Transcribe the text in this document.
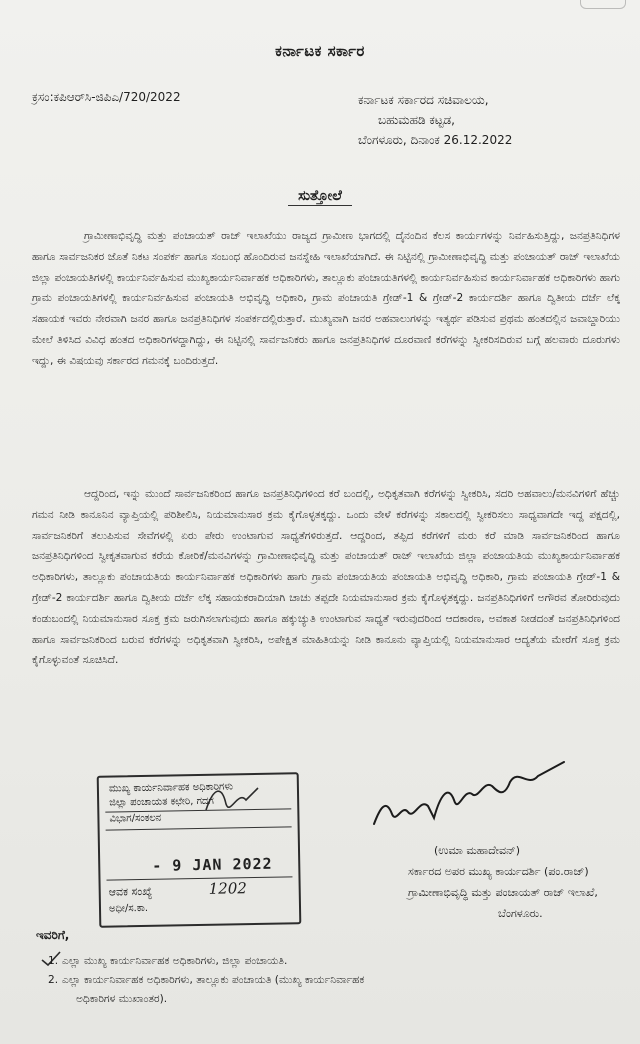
ಕರ್ನಾಟಕ ಸರ್ಕಾರ
ಕ್ರಸಂ:ಕಪಿಆರ್‌ಸಿ-ಜಿಪಿಎ/720/2022	ಕರ್ನಾಟಕ ಸರ್ಕಾರದ ಸಚಿವಾಲಯ,
ಬಹುಮಹಡಿ ಕಟ್ಟಡ,
ಬೆಂಗಳೂರು, ದಿನಾಂಕ 26.12.2022
ಸುತ್ತೋಲೆ

ಗ್ರಾಮೀಣಾಭಿವೃದ್ಧಿ ಮತ್ತು ಪಂಚಾಯತ್ ರಾಜ್ ಇಲಾಖೆಯು ರಾಜ್ಯದ ಗ್ರಾಮೀಣ ಭಾಗದಲ್ಲಿ ದೈನಂದಿನ ಕೆಲಸ ಕಾರ್ಯಗಳನ್ನು ನಿರ್ವಹಿಸುತ್ತಿದ್ದು, ಜನಪ್ರತಿನಿಧಿಗಳ ಹಾಗೂ ಸಾರ್ವಜನಿಕರ ಜೊತೆ ನಿಕಟ ಸಂಪರ್ಕ ಹಾಗೂ ಸಂಬಂಧ ಹೊಂದಿರುವ ಜನಸ್ನೇಹಿ ಇಲಾಖೆಯಾಗಿದೆ. ಈ ನಿಟ್ಟಿನಲ್ಲಿ ಗ್ರಾಮೀಣಾಭಿವೃದ್ಧಿ ಮತ್ತು ಪಂಚಾಯತ್ ರಾಜ್ ಇಲಾಖೆಯ ಜಿಲ್ಲಾ ಪಂಚಾಯತಿಗಳಲ್ಲಿ ಕಾರ್ಯನಿರ್ವಹಿಸುವ ಮುಖ್ಯಕಾರ್ಯನಿರ್ವಾಹಕ ಅಧಿಕಾರಿಗಳು, ತಾಲ್ಲೂಕು ಪಂಚಾಯತಿಗಳಲ್ಲಿ ಕಾರ್ಯನಿರ್ವಹಿಸುವ ಕಾರ್ಯನಿರ್ವಾಹಕ ಅಧಿಕಾರಿಗಳು ಹಾಗು ಗ್ರಾಮ ಪಂಚಾಯತಿಗಳಲ್ಲಿ ಕಾರ್ಯನಿರ್ವಹಿಸುವ ಪಂಚಾಯತಿ ಅಭಿವೃದ್ಧಿ ಅಧಿಕಾರಿ, ಗ್ರಾಮ ಪಂಚಾಯತಿ ಗ್ರೇಡ್-1 & ಗ್ರೇಡ್-2 ಕಾರ್ಯದರ್ಶಿ ಹಾಗೂ ದ್ವಿತೀಯ ದರ್ಜೆ ಲೆಕ್ಕ ಸಹಾಯಕ ಇವರು ನೇರವಾಗಿ ಜನರ ಹಾಗೂ ಜನಪ್ರತಿನಿಧಿಗಳ ಸಂಪರ್ಕದಲ್ಲಿರುತ್ತಾರೆ. ಮುಖ್ಯವಾಗಿ ಜನರ ಅಹವಾಲುಗಳನ್ನು ಇತ್ಯರ್ಥ ಪಡಿಸುವ ಪ್ರಥಮ ಹಂತದಲ್ಲಿನ ಜವಾಬ್ದಾರಿಯು ಮೇಲೆ ತಿಳಿಸಿದ ವಿವಿಧ ಹಂತದ ಅಧಿಕಾರಿಗಳದ್ದಾಗಿದ್ದು, ಈ ನಿಟ್ಟಿನಲ್ಲಿ ಸಾರ್ವಜನಿಕರು ಹಾಗೂ ಜನಪ್ರತಿನಿಧಿಗಳ ದೂರವಾಣಿ ಕರೆಗಳನ್ನು ಸ್ವೀಕರಿಸದಿರುವ ಬಗ್ಗೆ ಹಲವಾರು ದೂರುಗಳು ಇದ್ದು, ಈ ವಿಷಯವು ಸರ್ಕಾರದ ಗಮನಕ್ಕೆ ಬಂದಿರುತ್ತದೆ.

ಆದ್ದರಿಂದ, ಇನ್ನು ಮುಂದೆ ಸಾರ್ವಜನಿಕರಿಂದ ಹಾಗೂ ಜನಪ್ರತಿನಿಧಿಗಳಿಂದ ಕರೆ ಬಂದಲ್ಲಿ, ಅಧಿಕೃತವಾಗಿ ಕರೆಗಳನ್ನು ಸ್ವೀಕರಿಸಿ, ಸದರಿ ಅಹವಾಲು/ಮನವಿಗಳಿಗೆ ಹೆಚ್ಚು ಗಮನ ನೀಡಿ ಕಾನೂನಿನ ವ್ಯಾಪ್ತಿಯಲ್ಲಿ ಪರಿಶೀಲಿಸಿ, ನಿಯಮಾನುಸಾರ ಕ್ರಮ ಕೈಗೊಳ್ಳತಕ್ಕದ್ದು. ಒಂದು ವೇಳೆ ಕರೆಗಳನ್ನು ಸಕಾಲದಲ್ಲಿ ಸ್ವೀಕರಿಸಲು ಸಾಧ್ಯವಾಗದೇ ಇದ್ದ ಪಕ್ಷದಲ್ಲಿ, ಸಾರ್ವಜನಿಕರಿಗೆ ತಲುಪಿಸುವ ಸೇವೆಗಳಲ್ಲಿ ಏರು ಪೇರು ಉಂಟಾಗುವ ಸಾಧ್ಯತೆಗಳಿರುತ್ತದೆ. ಆದ್ದರಿಂದ, ತಪ್ಪಿದ ಕರೆಗಳಿಗೆ ಮರು ಕರೆ ಮಾಡಿ ಸಾರ್ವಜನಿಕರಿಂದ ಹಾಗೂ ಜನಪ್ರತಿನಿಧಿಗಳಿಂದ ಸ್ವೀಕೃತವಾಗುವ ಕರೆಯ ಕೋರಿಕೆ/ಮನವಿಗಳನ್ನು ಗ್ರಾಮೀಣಾಭಿವೃದ್ಧಿ ಮತ್ತು ಪಂಚಾಯತ್ ರಾಜ್ ಇಲಾಖೆಯ ಜಿಲ್ಲಾ ಪಂಚಾಯತಿಯ ಮುಖ್ಯಕಾರ್ಯನಿರ್ವಾಹಕ ಅಧಿಕಾರಿಗಳು, ತಾಲ್ಲೂಕು ಪಂಚಾಯತಿಯ ಕಾರ್ಯನಿರ್ವಾಹಕ ಅಧಿಕಾರಿಗಳು ಹಾಗು ಗ್ರಾಮ ಪಂಚಾಯತಿಯ ಪಂಚಾಯತಿ ಅಭಿವೃದ್ಧಿ ಅಧಿಕಾರಿ, ಗ್ರಾಮ ಪಂಚಾಯತಿ ಗ್ರೇಡ್-1 & ಗ್ರೇಡ್-2 ಕಾರ್ಯದರ್ಶಿ ಹಾಗೂ ದ್ವಿತೀಯ ದರ್ಜೆ ಲೆಕ್ಕ ಸಹಾಯಕರಾದಿಯಾಗಿ ಚಾಚು ತಪ್ಪದೇ ನಿಯಮಾನುಸಾರ ಕ್ರಮ ಕೈಗೊಳ್ಳತಕ್ಕದ್ದು. ಜನಪ್ರತಿನಿಧಿಗಳಿಗೆ ಅಗೌರವ ತೋರಿರುವುದು ಕಂಡುಬಂದಲ್ಲಿ ನಿಯಮಾನುಸಾರ ಸೂಕ್ತ ಕ್ರಮ ಜರುಗಿಸಲಾಗುವುದು ಹಾಗೂ ಹಕ್ಕುಚ್ಯುತಿ ಉಂಟಾಗುವ ಸಾಧ್ಯತೆ ಇರುವುದರಿಂದ ಆದಕಾರಣ, ಅವಕಾಶ ನೀಡದಂತೆ ಜನಪ್ರತಿನಿಧಿಗಳಿಂದ ಹಾಗೂ ಸಾರ್ವಜನಿಕರಿಂದ ಬರುವ ಕರೆಗಳನ್ನು ಅಧಿಕೃತವಾಗಿ ಸ್ವೀಕರಿಸಿ, ಅಪೇಕ್ಷಿತ ಮಾಹಿತಿಯನ್ನು ನೀಡಿ ಕಾನೂನು ವ್ಯಾಪ್ತಿಯಲ್ಲಿ ನಿಯಮಾನುಸಾರ ಆದ್ಯತೆಯ ಮೇರೆಗೆ ಸೂಕ್ತ ಕ್ರಮ ಕೈಗೊಳ್ಳುವಂತೆ ಸೂಚಿಸಿದೆ.

ಮುಖ್ಯ ಕಾರ್ಯನಿರ್ವಾಹಕ ಅಧಿಕಾರಿಗಳು
ಜಿಲ್ಲಾ ಪಂಚಾಯತ ಕಛೇರಿ, ಗದಗ
ವಿಭಾಗ/ಸಂಕಲನ
- 9 JAN 2022
ಆವಕ ಸಂಖ್ಯೆ	1202
ಅಧೀ/ಸ.ಕಾ.
(ಉಮಾ ಮಹಾದೇವನ್)
ಸರ್ಕಾರದ ಅಪರ ಮುಖ್ಯ ಕಾರ್ಯದರ್ಶಿ (ಪಂ.ರಾಜ್)
ಗ್ರಾಮೀಣಾಭಿವೃದ್ಧಿ ಮತ್ತು ಪಂಚಾಯತ್ ರಾಜ್ ಇಲಾಖೆ,
ಬೆಂಗಳೂರು.
ಇವರಿಗೆ,
1. ಎಲ್ಲಾ ಮುಖ್ಯ ಕಾರ್ಯನಿರ್ವಾಹಕ ಅಧಿಕಾರಿಗಳು, ಜಿಲ್ಲಾ ಪಂಚಾಯತಿ.
2. ಎಲ್ಲಾ ಕಾರ್ಯನಿರ್ವಾಹಕ ಅಧಿಕಾರಿಗಳು, ತಾಲ್ಲೂಕು ಪಂಚಾಯತಿ (ಮುಖ್ಯ ಕಾರ್ಯನಿರ್ವಾಹಕ
ಅಧಿಕಾರಿಗಳ ಮುಖಾಂತರ).
